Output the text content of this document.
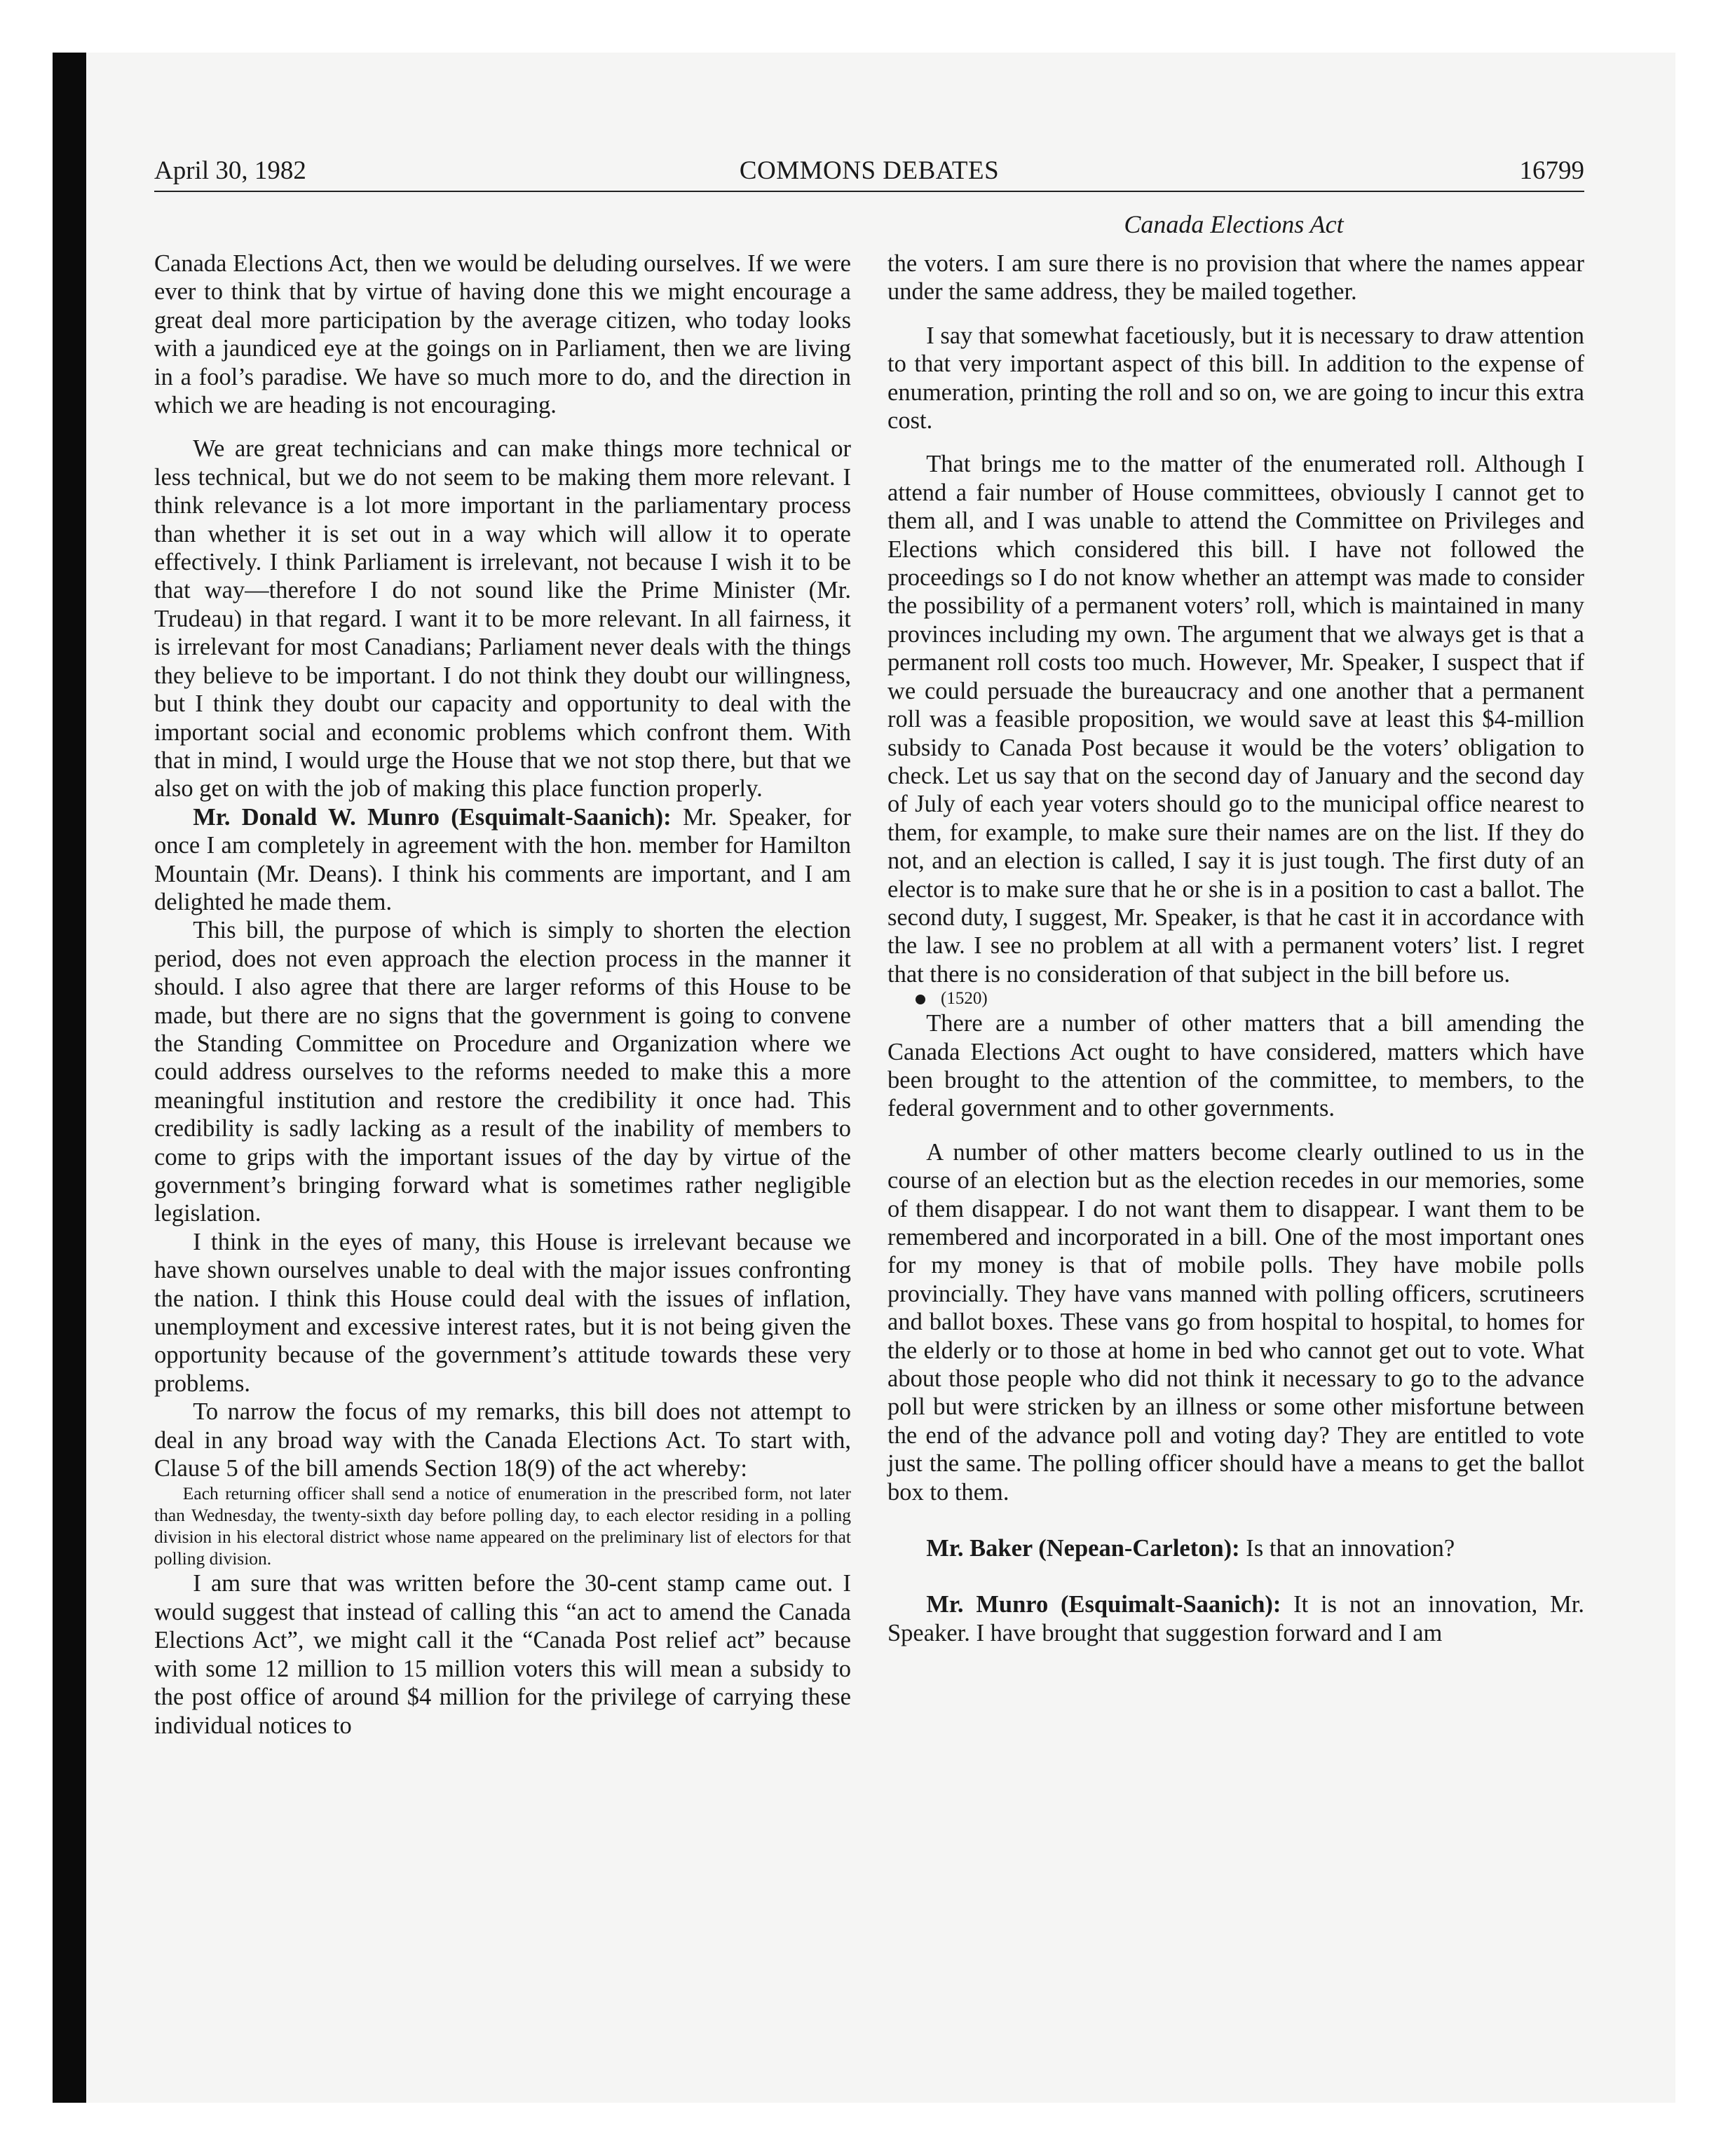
April 30, 1982	COMMONS DEBATES	16799
Canada Elections Act

Canada Elections Act, then we would be deluding ourselves. If we were ever to think that by virtue of having done this we might encourage a great deal more participation by the average citizen, who today looks with a jaundiced eye at the goings on in Parliament, then we are living in a fool’s paradise. We have so much more to do, and the direction in which we are heading is not encouraging.

We are great technicians and can make things more technical or less technical, but we do not seem to be making them more relevant. I think relevance is a lot more important in the parliamentary process than whether it is set out in a way which will allow it to operate effectively. I think Parliament is irrelevant, not because I wish it to be that way—therefore I do not sound like the Prime Minister (Mr. Trudeau) in that regard. I want it to be more relevant. In all fairness, it is irrelevant for most Canadians; Parliament never deals with the things they believe to be important. I do not think they doubt our willingness, but I think they doubt our capacity and opportunity to deal with the important social and economic problems which confront them. With that in mind, I would urge the House that we not stop there, but that we also get on with the job of making this place function properly.

Mr. Donald W. Munro (Esquimalt-Saanich): Mr. Speaker, for once I am completely in agreement with the hon. member for Hamilton Mountain (Mr. Deans). I think his comments are important, and I am delighted he made them.

This bill, the purpose of which is simply to shorten the election period, does not even approach the election process in the manner it should. I also agree that there are larger reforms of this House to be made, but there are no signs that the government is going to convene the Standing Committee on Procedure and Organization where we could address ourselves to the reforms needed to make this a more meaningful institution and restore the credibility it once had. This credibility is sadly lacking as a result of the inability of members to come to grips with the important issues of the day by virtue of the government’s bringing forward what is sometimes rather negligible legislation.

I think in the eyes of many, this House is irrelevant because we have shown ourselves unable to deal with the major issues confronting the nation. I think this House could deal with the issues of inflation, unemployment and excessive interest rates, but it is not being given the opportunity because of the government’s attitude towards these very problems.

To narrow the focus of my remarks, this bill does not attempt to deal in any broad way with the Canada Elections Act. To start with, Clause 5 of the bill amends Section 18(9) of the act whereby:

Each returning officer shall send a notice of enumeration in the prescribed form, not later than Wednesday, the twenty-sixth day before polling day, to each elector residing in a polling division in his electoral district whose name appeared on the preliminary list of electors for that polling division.

I am sure that was written before the 30-cent stamp came out. I would suggest that instead of calling this “an act to amend the Canada Elections Act”, we might call it the “Canada Post relief act” because with some 12 million to 15 million voters this will mean a subsidy to the post office of around $4 million for the privilege of carrying these individual notices to

the voters. I am sure there is no provision that where the names appear under the same address, they be mailed together.

I say that somewhat facetiously, but it is necessary to draw attention to that very important aspect of this bill. In addition to the expense of enumeration, printing the roll and so on, we are going to incur this extra cost.

That brings me to the matter of the enumerated roll. Although I attend a fair number of House committees, obviously I cannot get to them all, and I was unable to attend the Committee on Privileges and Elections which considered this bill. I have not followed the proceedings so I do not know whether an attempt was made to consider the possibility of a permanent voters’ roll, which is maintained in many provinces including my own. The argument that we always get is that a permanent roll costs too much. However, Mr. Speaker, I suspect that if we could persuade the bureaucracy and one another that a permanent roll was a feasible proposition, we would save at least this $4-million subsidy to Canada Post because it would be the voters’ obligation to check. Let us say that on the second day of January and the second day of July of each year voters should go to the municipal office nearest to them, for example, to make sure their names are on the list. If they do not, and an election is called, I say it is just tough. The first duty of an elector is to make sure that he or she is in a position to cast a ballot. The second duty, I suggest, Mr. Speaker, is that he cast it in accordance with the law. I see no problem at all with a permanent voters’ list. I regret that there is no consideration of that subject in the bill before us.

(1520)

There are a number of other matters that a bill amending the Canada Elections Act ought to have considered, matters which have been brought to the attention of the committee, to members, to the federal government and to other governments.

A number of other matters become clearly outlined to us in the course of an election but as the election recedes in our memories, some of them disappear. I do not want them to disappear. I want them to be remembered and incorporated in a bill. One of the most important ones for my money is that of mobile polls. They have mobile polls provincially. They have vans manned with polling officers, scrutineers and ballot boxes. These vans go from hospital to hospital, to homes for the elderly or to those at home in bed who cannot get out to vote. What about those people who did not think it necessary to go to the advance poll but were stricken by an illness or some other misfortune between the end of the advance poll and voting day? They are entitled to vote just the same. The polling officer should have a means to get the ballot box to them.

Mr. Baker (Nepean-Carleton): Is that an innovation?

Mr. Munro (Esquimalt-Saanich): It is not an innovation, Mr. Speaker. I have brought that suggestion forward and I am
